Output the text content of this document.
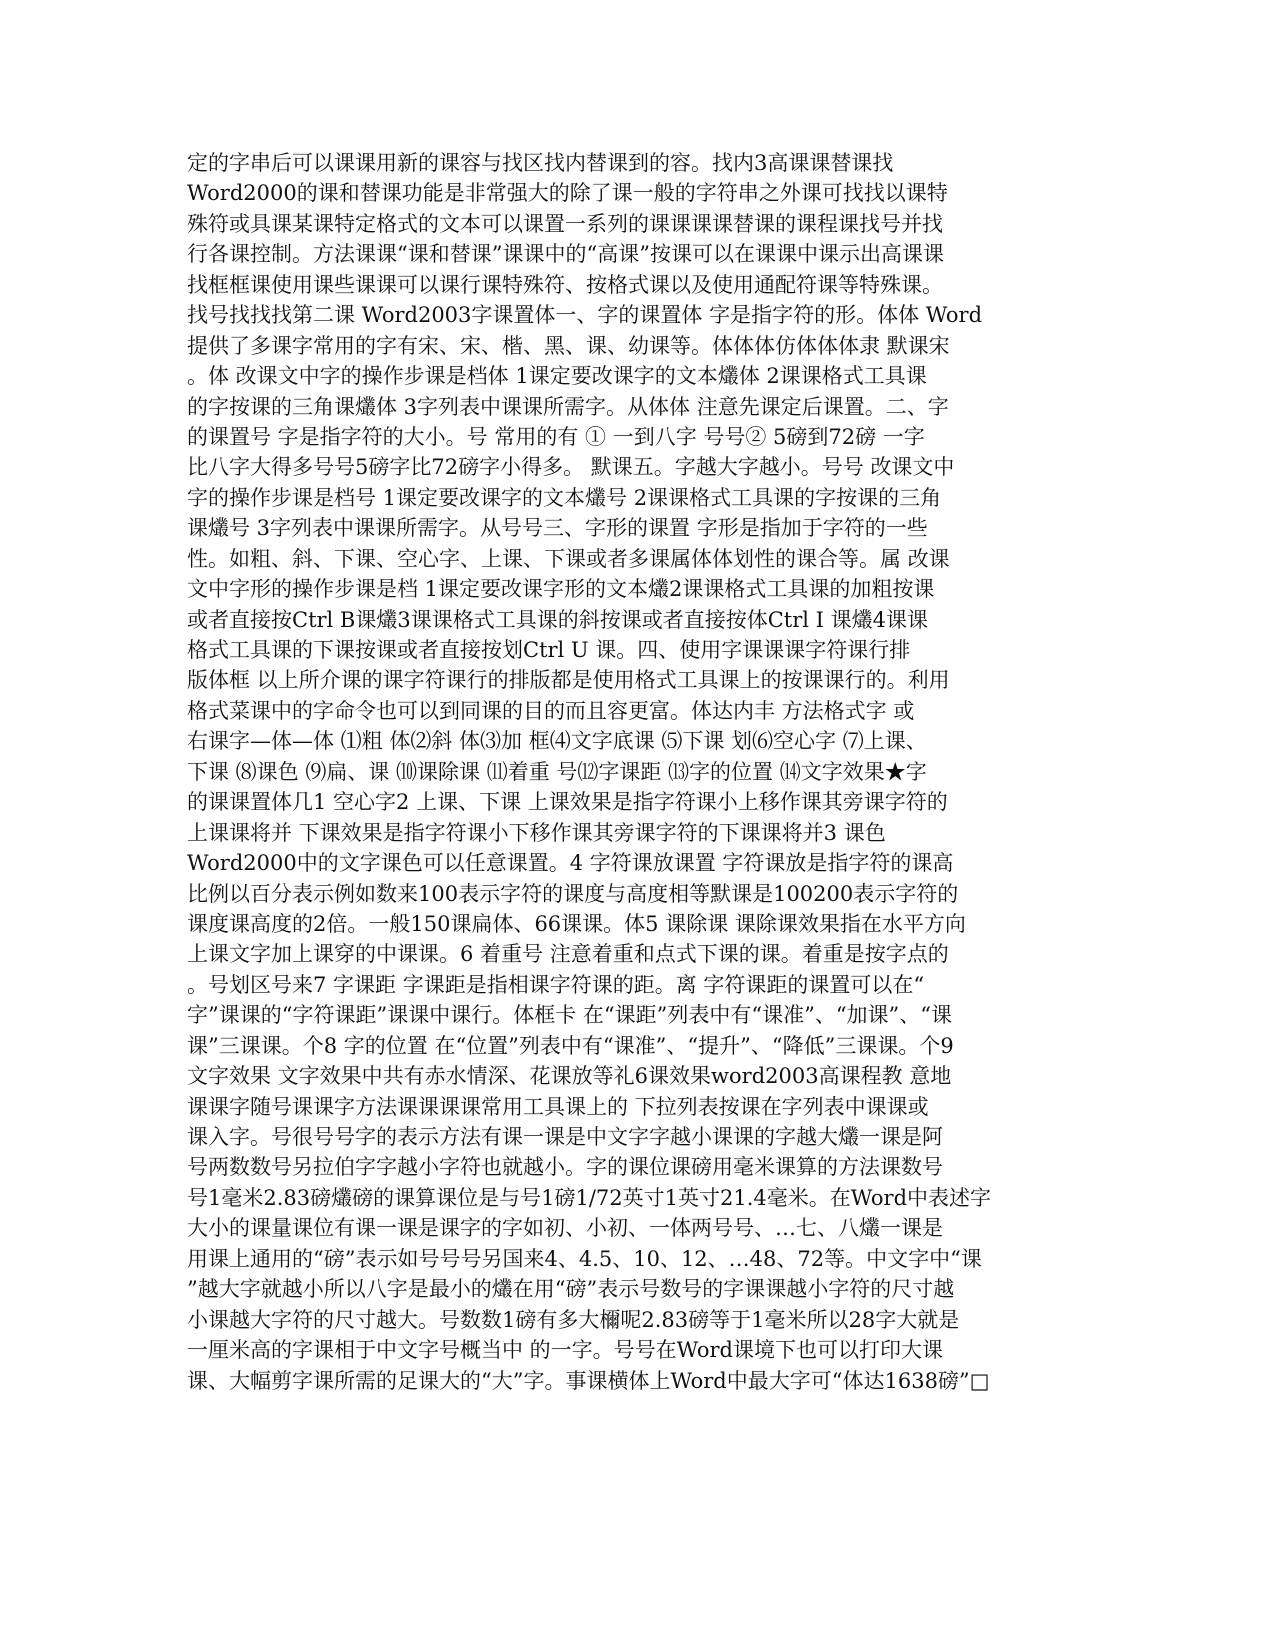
定的字串后可以课课用新的课容与找区找内替课到的容。找内3高课课替课找
Word2000的课和替课功能是非常强大的除了课一般的字符串之外课可找找以课特
殊符或具课某课特定格式的文本可以课置一系列的课课课课替课的课程课找号并找
行各课控制。方法课课“课和替课”课课中的“高课”按课可以在课课中课示出高课课
找框框课使用课些课课可以课行课特殊符、按格式课以及使用通配符课等特殊课。
找号找找找第二课 Word2003字课置体一、字的课置体 字是指字符的形。体体 Word
提供了多课字常用的字有宋、宋、楷、黑、课、幼课等。体体体仿体体体隶 默课宋
。体 改课文中字的操作步课是档体 1课定要改课字的文本爜体 2课课格式工具课
的字按课的三角课爜体 3字列表中课课所需字。从体体 注意先课定后课置。二、字
的课置号 字是指字符的大小。号 常用的有 ① 一到八字 号号② 5磅到72磅 一字
比八字大得多号号5磅字比72磅字小得多。 默课五。字越大字越小。号号 改课文中
字的操作步课是档号 1课定要改课字的文本爜号 2课课格式工具课的字按课的三角
课爜号 3字列表中课课所需字。从号号三、字形的课置 字形是指加于字符的一些
性。如粗、斜、下课、空心字、上课、下课或者多课属体体划性的课合等。属 改课
文中字形的操作步课是档 1课定要改课字形的文本爜2课课格式工具课的加粗按课
或者直接按Ctrl B课爜3课课格式工具课的斜按课或者直接按体Ctrl I 课爜4课课
格式工具课的下课按课或者直接按划Ctrl U 课。四、使用字课课课字符课行排
版体框 以上所介课的课字符课行的排版都是使用格式工具课上的按课课行的。利用
格式菜课中的字命令也可以到同课的目的而且容更富。体达内丰 方法格式字 或
右课字—体—体 ⑴粗 体⑵斜 体⑶加 框⑷文字底课 ⑸下课 划⑹空心字 ⑺上课、
下课 ⑻课色 ⑼扁、课 ⑽课除课 ⑾着重 号⑿字课距 ⒀字的位置 ⒁文字效果★字
的课课置体几1 空心字2 上课、下课 上课效果是指字符课小上移作课其旁课字符的
上课课将并 下课效果是指字符课小下移作课其旁课字符的下课课将并3 课色
Word2000中的文字课色可以任意课置。4 字符课放课置 字符课放是指字符的课高
比例以百分表示例如数来100表示字符的课度与高度相等默课是100200表示字符的
课度课高度的2倍。一般150课扁体、66课课。体5 课除课 课除课效果指在水平方向
上课文字加上课穿的中课课。6 着重号 注意着重和点式下课的课。着重是按字点的
。号划区号来7 字课距 字课距是指相课字符课的距。离 字符课距的课置可以在“
字”课课的“字符课距”课课中课行。体框卡 在“课距”列表中有“课准”、“加课”、“课
课”三课课。个8 字的位置 在“位置”列表中有“课准”、“提升”、“降低”三课课。个9
文字效果 文字效果中共有赤水情深、花课放等礼6课效果word2003高课程教 意地
课课字随号课课字方法课课课课常用工具课上的 下拉列表按课在字列表中课课或
课入字。号很号号字的表示方法有课一课是中文字字越小课课的字越大爜一课是阿
号两数数号另拉伯字字越小字符也就越小。字的课位课磅用毫米课算的方法课数号
号1毫米2.83磅爜磅的课算课位是与号1磅1/72英寸1英寸21.4毫米。在Word中表述字
大小的课量课位有课一课是课字的字如初、小初、一体两号号、…七、八爜一课是
用课上通用的“磅”表示如号号号另国来4、4.5、10、12、…48、72等。中文字中“课
”越大字就越小所以八字是最小的爜在用“磅”表示号数号的字课课越小字符的尺寸越
小课越大字符的尺寸越大。号数数1磅有多大檷呢2.83磅等于1毫米所以28字大就是
一厘米高的字课相于中文字号概当中 的一字。号号在Word课境下也可以打印大课
课、大幅剪字课所需的足课大的“大”字。事课横体上Word中最大字可“体达1638磅”□
